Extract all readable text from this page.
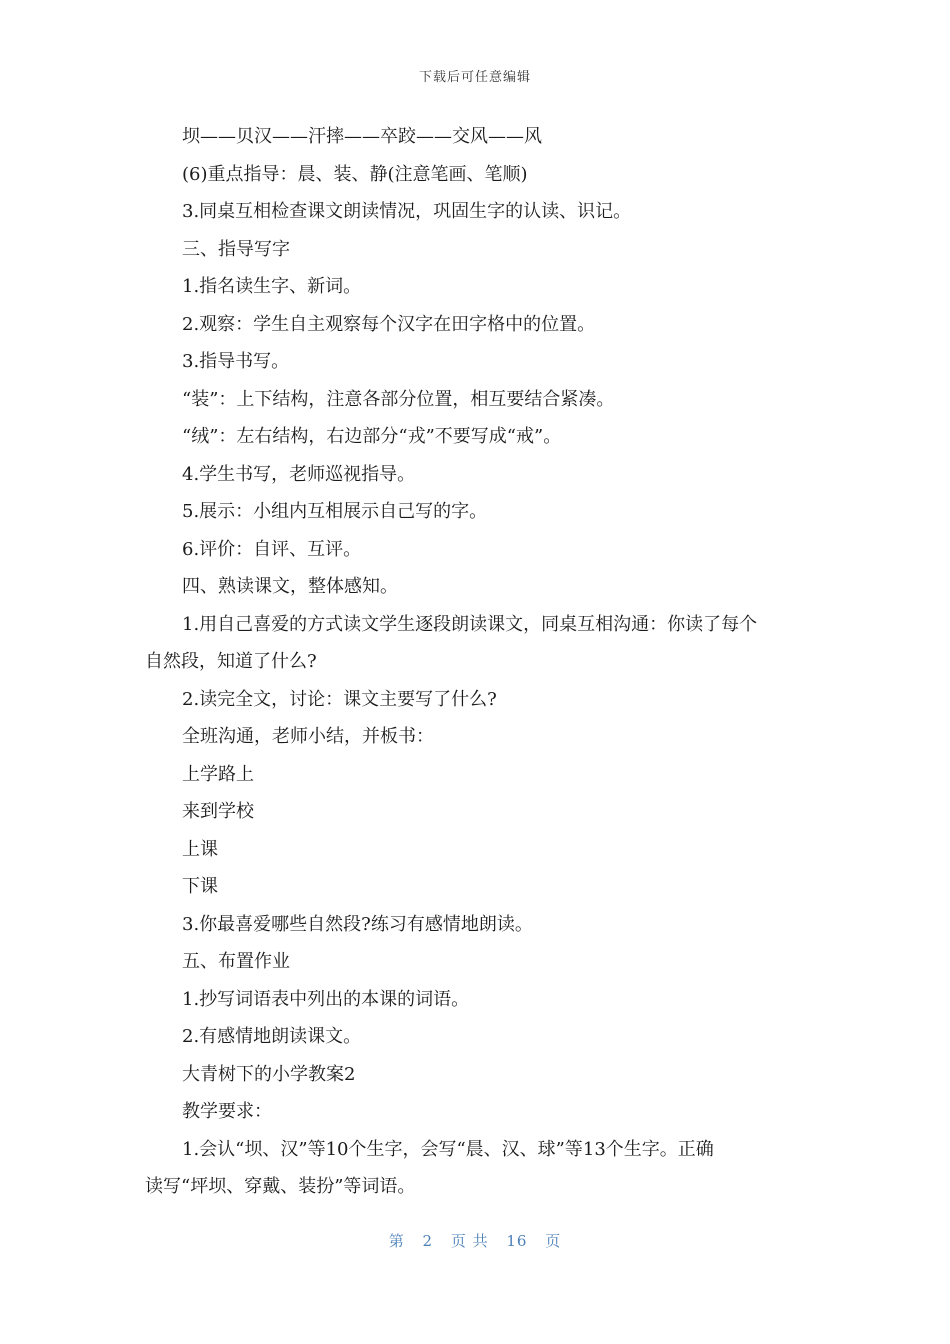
下载后可任意编辑
坝——贝汉——汗摔——卒跤——交风——风
(6)重点指导：晨、装、静(注意笔画、笔顺)
3.同桌互相检查课文朗读情况，巩固生字的认读、识记。
三、指导写字
1.指名读生字、新词。
2.观察：学生自主观察每个汉字在田字格中的位置。
3.指导书写。
“装”：上下结构，注意各部分位置，相互要结合紧凑。
“绒”：左右结构，右边部分“戎”不要写成“戒”。
4.学生书写，老师巡视指导。
5.展示：小组内互相展示自己写的字。
6.评价：自评、互评。
四、熟读课文，整体感知。
1.用自己喜爱的方式读文学生逐段朗读课文，同桌互相沟通：你读了每个
自然段，知道了什么?
2.读完全文，讨论：课文主要写了什么?
全班沟通，老师小结，并板书：
上学路上
来到学校
上课
下课
3.你最喜爱哪些自然段?练习有感情地朗读。
五、布置作业
1.抄写词语表中列出的本课的词语。
2.有感情地朗读课文。
大青树下的小学教案2
教学要求：
1.会认“坝、汉”等10个生字，会写“晨、汉、球”等13个生字。正确
读写“坪坝、穿戴、装扮”等词语。
第 2 页 共 16 页
